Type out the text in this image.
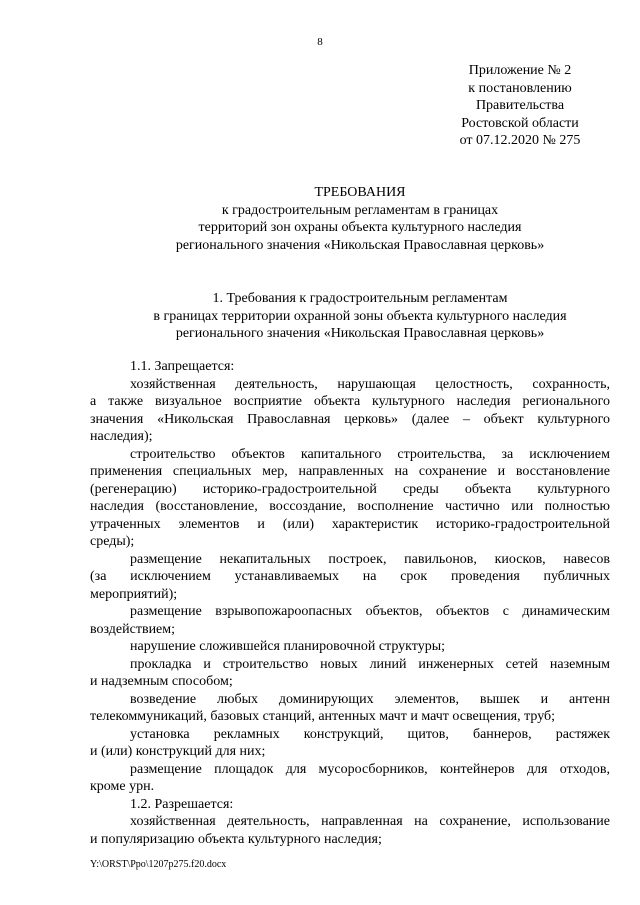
8
Приложение № 2
к постановлению
Правительства
Ростовской области
от 07.12.2020 № 275
ТРЕБОВАНИЯ
к градостроительным регламентам в границах
территорий зон охраны объекта культурного наследия
регионального значения «Никольская Православная церковь»
1. Требования к градостроительным регламентам
в границах территории охранной зоны объекта культурного наследия
регионального значения «Никольская Православная церковь»
1.1. Запрещается:
хозяйственная деятельность, нарушающая целостность, сохранность,
а также визуальное восприятие объекта культурного наследия регионального
значения «Никольская Православная церковь» (далее – объект культурного
наследия);
строительство объектов капитального строительства, за исключением
применения специальных мер, направленных на сохранение и восстановление
(регенерацию) историко-градостроительной среды объекта культурного
наследия (восстановление, воссоздание, восполнение частично или полностью
утраченных элементов и (или) характеристик историко-градостроительной
среды);
размещение некапитальных построек, павильонов, киосков, навесов
(за исключением устанавливаемых на срок проведения публичных
мероприятий);
размещение взрывопожароопасных объектов, объектов с динамическим
воздействием;
нарушение сложившейся планировочной структуры;
прокладка и строительство новых линий инженерных сетей наземным
и надземным способом;
возведение любых доминирующих элементов, вышек и антенн
телекоммуникаций, базовых станций, антенных мачт и мачт освещения, труб;
установка рекламных конструкций, щитов, баннеров, растяжек
и (или) конструкций для них;
размещение площадок для мусоросборников, контейнеров для отходов,
кроме урн.
1.2. Разрешается:
хозяйственная деятельность, направленная на сохранение, использование
и популяризацию объекта культурного наследия;
Y:\ORST\Ppo\1207p275.f20.docx
